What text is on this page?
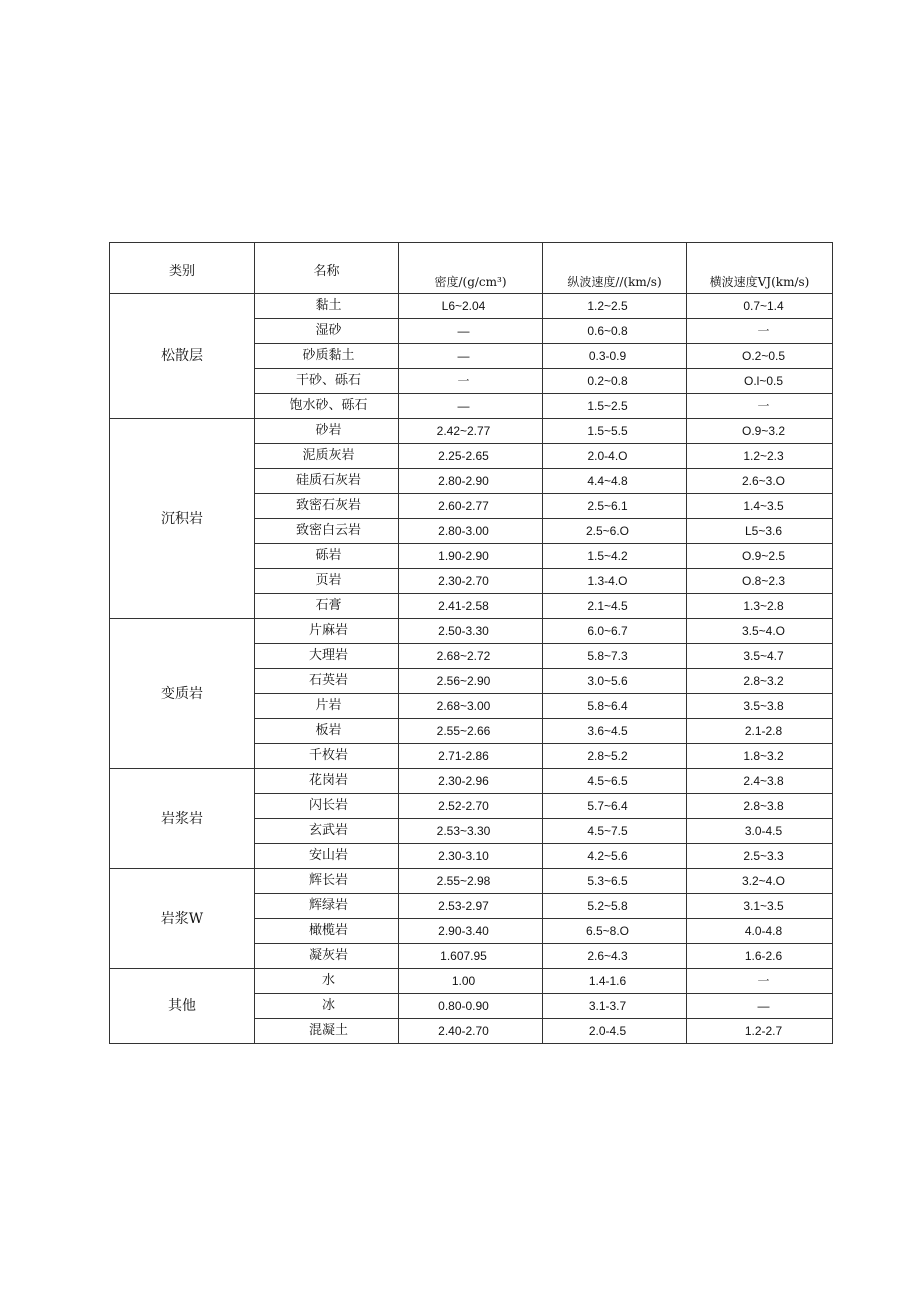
类别	名称	密度/(g∕cm³)	纵波速度//(km∕s)	横波速度VJ(km∕s)

松散层	黏土	L6~2.04	1.2~2.5	0.7~1.4
	湿砂	—	0.6~0.8	一
	砂质黏土	—	0.3-0.9	O.2~0.5
	干砂、砾石	一	0.2~0.8	O.l~0.5
	饱水砂、砾石	—	1.5~2.5	一
沉积岩	砂岩	2.42~2.77	1.5~5.5	O.9~3.2
	泥质灰岩	2.25-2.65	2.0-4.O	1.2~2.3
	硅质石灰岩	2.80-2.90	4.4~4.8	2.6~3.O
	致密石灰岩	2.60-2.77	2.5~6.1	1.4~3.5
	致密白云岩	2.80-3.00	2.5~6.O	L5~3.6
	砾岩	1.90-2.90	1.5~4.2	O.9~2.5
	页岩	2.30-2.70	1.3-4.O	O.8~2.3
	石膏	2.41-2.58	2.1~4.5	1.3~2.8
变质岩	片麻岩	2.50-3.30	6.0~6.7	3.5~4.O
	大理岩	2.68~2.72	5.8~7.3	3.5~4.7
	石英岩	2.56~2.90	3.0~5.6	2.8~3.2
	片岩	2.68~3.00	5.8~6.4	3.5~3.8
	板岩	2.55~2.66	3.6~4.5	2.1-2.8
	千枚岩	2.71-2.86	2.8~5.2	1.8~3.2
岩浆岩	花岗岩	2.30-2.96	4.5~6.5	2.4~3.8
	闪长岩	2.52-2.70	5.7~6.4	2.8~3.8
	玄武岩	2.53~3.30	4.5~7.5	3.0-4.5
	安山岩	2.30-3.10	4.2~5.6	2.5~3.3
岩浆W	辉长岩	2.55~2.98	5.3~6.5	3.2~4.O
	辉绿岩	2.53-2.97	5.2~5.8	3.1~3.5
	橄榄岩	2.90-3.40	6.5~8.O	4.0-4.8
	凝灰岩	1.607.95	2.6~4.3	1.6-2.6
其他	水	1.00	1.4-1.6	一
	冰	0.80-0.90	3.1-3.7	—
	混凝土	2.40-2.70	2.0-4.5	1.2-2.7
